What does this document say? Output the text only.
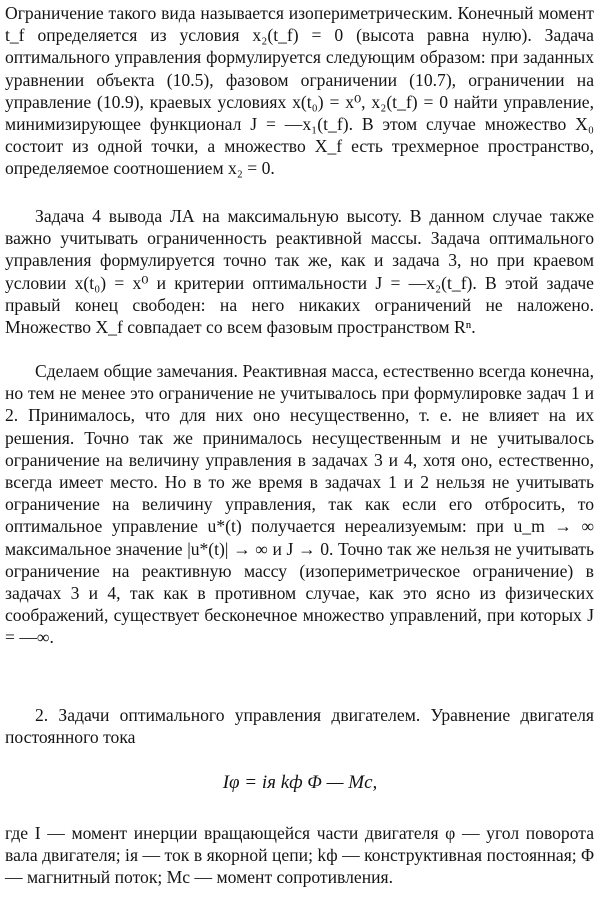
Ограничение такого вида называется изопериметрическим. Конечный момент t_f определяется из условия x₂(t_f) = 0 (высота равна нулю). Задача оптимального управления формулируется следующим образом: при заданных уравнении объекта (10.5), фазовом ограничении (10.7), ограничении на управление (10.9), краевых условиях x(t₀) = x⁰, x₂(t_f) = 0 найти управление, минимизирующее функционал J = —x₁(t_f). В этом случае множество X₀ состоит из одной точки, а множество X_f есть трехмерное пространство, определяемое соотношением x₂ = 0.

Задача 4 вывода ЛА на максимальную высоту. В данном случае также важно учитывать ограниченность реактивной массы. Задача оптимального управления формулируется точно так же, как и задача 3, но при краевом условии x(t₀) = x⁰ и критерии оптимальности J = —x₂(t_f). В этой задаче правый конец свободен: на него никаких ограничений не наложено. Множество X_f совпадает со всем фазовым пространством Rⁿ.

Сделаем общие замечания. Реактивная масса, естественно всегда конечна, но тем не менее это ограничение не учитывалось при формулировке задач 1 и 2. Принималось, что для них оно несущественно, т. е. не влияет на их решения. Точно так же принималось несущественным и не учитывалось ограничение на величину управления в задачах 3 и 4, хотя оно, естественно, всегда имеет место. Но в то же время в задачах 1 и 2 нельзя не учитывать ограничение на величину управления, так как если его отбросить, то оптимальное управление u*(t) получается нереализуемым: при u_m → ∞ максимальное значение |u*(t)| → ∞ и J → 0. Точно так же нельзя не учитывать ограничение на реактивную массу (изопериметрическое ограничение) в задачах 3 и 4, так как в противном случае, как это ясно из физических соображений, существует бесконечное множество управлений, при которых J = —∞.

2. Задачи оптимального управления двигателем. Уравнение двигателя постоянного тока

Iφ = iя kф Φ — Mс,

где I — момент инерции вращающейся части двигателя φ — угол поворота вала двигателя; iя — ток в якорной цепи; kф — конструктивная постоянная; Φ — магнитный поток; Mс — момент сопротивления.
